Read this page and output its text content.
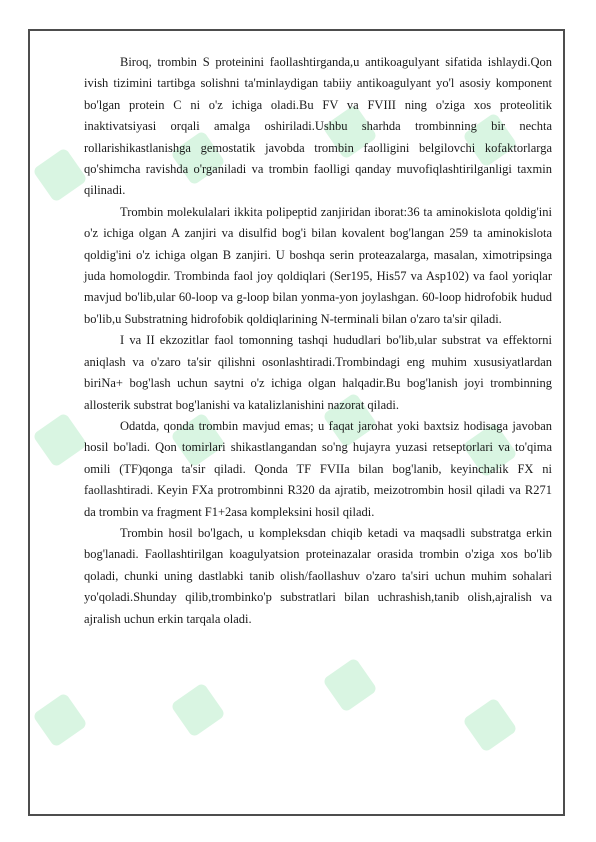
Biroq, trombin S proteinini faollashtirganda,u antikoagulyant sifatida ishlaydi.Qon ivish tizimini tartibga solishni ta'minlaydigan tabiiy antikoagulyant yo'l asosiy komponent bo'lgan protein C ni o'z ichiga oladi.Bu FV va FVIII ning o'ziga xos proteolitik inaktivatsiyasi orqali amalga oshiriladi.Ushbu sharhda trombinning bir nechta rollarishikastlanishga gemostatik javobda trombin faolligini belgilovchi kofaktorlarga qo'shimcha ravishda o'rganiladi va trombin faolligi qanday muvofiqlashtirilganligi taxmin qilinadi.

Trombin molekulalari ikkita polipeptid zanjiridan iborat:36 ta aminokislota qoldig'ini o'z ichiga olgan A zanjiri va disulfid bog'i bilan kovalent bog'langan 259 ta aminokislota qoldig'ini o'z ichiga olgan B zanjiri. U boshqa serin proteazalarga, masalan, ximotripsinga juda homologdir. Trombinda faol joy qoldiqlari (Ser195, His57 va Asp102) va faol yoriqlar mavjud bo'lib,ular 60-loop va g-loop bilan yonma-yon joylashgan. 60-loop hidrofobik hudud bo'lib,u Substratning hidrofobik qoldiqlarining N-terminali bilan o'zaro ta'sir qiladi.

I va II ekzozitlar faol tomonning tashqi hududlari bo'lib,ular substrat va effektorni aniqlash va o'zaro ta'sir qilishni osonlashtiradi.Trombindagi eng muhim xususiyatlardan biriNa+ bog'lash uchun saytni o'z ichiga olgan halqadir.Bu bog'lanish joyi trombinning allosterik substrat bog'lanishi va katalizlanishini nazorat qiladi.

Odatda, qonda trombin mavjud emas; u faqat jarohat yoki baxtsiz hodisaga javoban hosil bo'ladi. Qon tomirlari shikastlangandan so'ng hujayra yuzasi retseptorlari va to'qima omili (TF)qonga ta'sir qiladi. Qonda TF FVIIa bilan bog'lanib, keyinchalik FX ni faollashtiradi. Keyin FXa protrombinni R320 da ajratib, meizotrombin hosil qiladi va R271 da trombin va fragment F1+2asa kompleksini hosil qiladi.

Trombin hosil bo'lgach, u kompleksdan chiqib ketadi va maqsadli substratga erkin bog'lanadi. Faollashtirilgan koagulyatsion proteinazalar orasida trombin o'ziga xos bo'lib qoladi, chunki uning dastlabki tanib olish/faollashuv o'zaro ta'siri uchun muhim sohalari yo'qoladi.Shunday qilib,trombinko'p substratlari bilan uchrashish,tanib olish,ajralish va ajralish uchun erkin tarqala oladi.
